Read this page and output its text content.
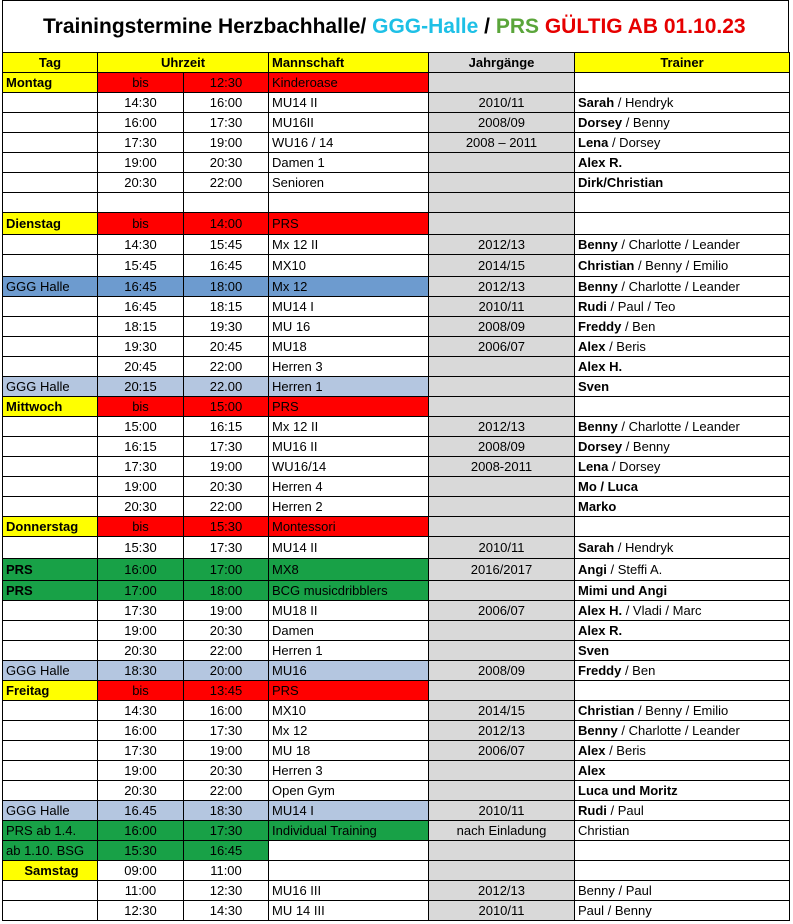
Trainingstermine Herzbachhalle/ GGG-Halle / PRS GÜLTIG AB 01.10.23
Tag	Uhrzeit		Mannschaft	Jahrgänge	Trainer
Montag	bis	12:30	Kinderoase		
	14:30	16:00	MU14 II	2010/11	Sarah / Hendryk
	16:00	17:30	MU16II	2008/09	Dorsey / Benny
	17:30	19:00	WU16 / 14	2008 – 2011	Lena / Dorsey
	19:00	20:30	Damen 1		Alex R.
	20:30	22:00	Senioren		Dirk/Christian

Dienstag	bis	14:00	PRS		
	14:30	15:45	Mx 12 II	2012/13	Benny / Charlotte / Leander
	15:45	16:45	MX10	2014/15	Christian / Benny / Emilio
GGG Halle	16:45	18:00	Mx 12	2012/13	Benny / Charlotte / Leander
	16:45	18:15	MU14 I	2010/11	Rudi / Paul / Teo
	18:15	19:30	MU 16	2008/09	Freddy / Ben
	19:30	20:45	MU18	2006/07	Alex / Beris
	20:45	22:00	Herren 3		Alex H.
GGG Halle	20:15	22.00	Herren 1		Sven
Mittwoch	bis	15:00	PRS		
	15:00	16:15	Mx 12 II	2012/13	Benny / Charlotte / Leander
	16:15	17:30	MU16 II	2008/09	Dorsey / Benny
	17:30	19:00	WU16/14	2008-2011	Lena / Dorsey
	19:00	20:30	Herren 4		Mo / Luca
	20:30	22:00	Herren 2		Marko
Donnerstag	bis	15:30	Montessori		
	15:30	17:30	MU14 II	2010/11	Sarah / Hendryk
PRS	16:00	17:00	MX8	2016/2017	Angi / Steffi A.
PRS	17:00	18:00	BCG musicdribblers		Mimi und Angi
	17:30	19:00	MU18 II	2006/07	Alex H. / Vladi / Marc
	19:00	20:30	Damen		Alex R.
	20:30	22:00	Herren 1		Sven
GGG Halle	18:30	20:00	MU16	2008/09	Freddy / Ben
Freitag	bis	13:45	PRS		
	14:30	16:00	MX10	2014/15	Christian / Benny / Emilio
	16:00	17:30	Mx 12	2012/13	Benny / Charlotte / Leander
	17:30	19:00	MU 18	2006/07	Alex / Beris
	19:00	20:30	Herren 3		Alex
	20:30	22:00	Open Gym		Luca und Moritz
GGG Halle	16.45	18:30	MU14 I	2010/11	Rudi / Paul
PRS ab 1.4.	16:00	17:30	Individual Training	nach Einladung	Christian
ab 1.10. BSG	15:30	16:45			
Samstag	09:00	11:00			
	11:00	12:30	MU16 III	2012/13	Benny / Paul
	12:30	14:30	MU 14 III	2010/11	Paul / Benny
